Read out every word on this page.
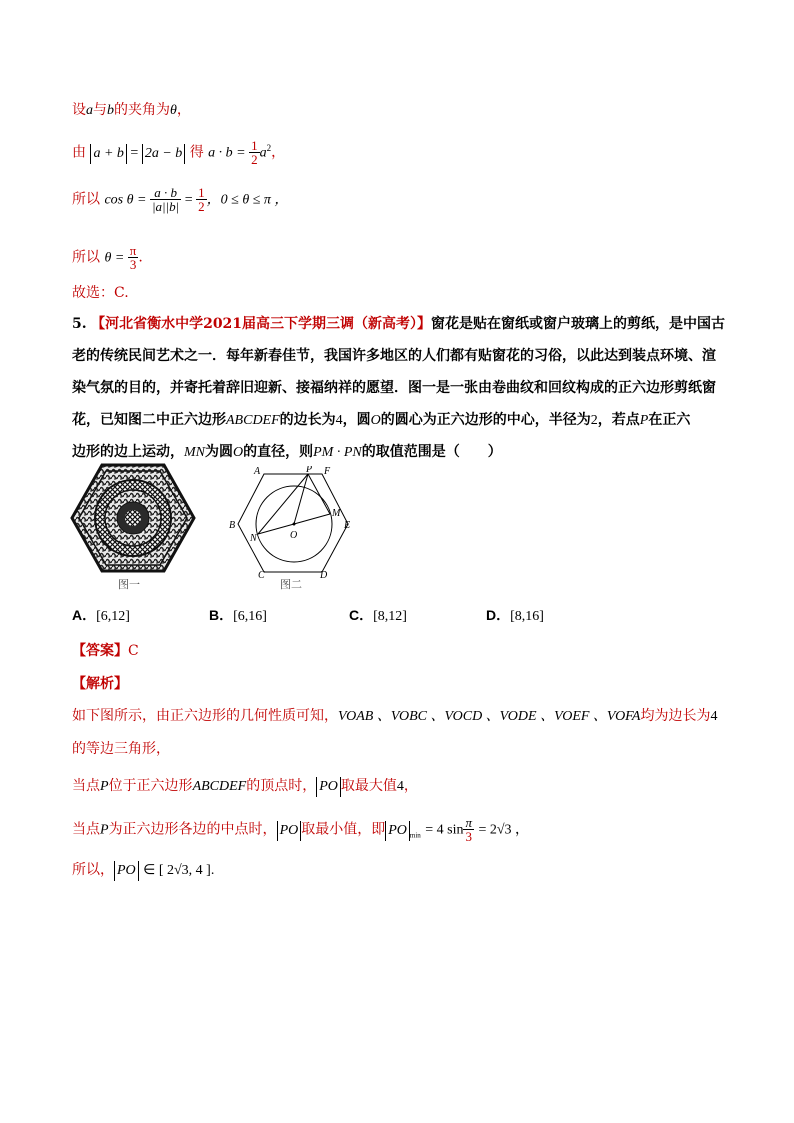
设a与b的夹角为θ，
由 a + b = 2a − b 得 $a \cdot b = \frac{1}{2} a^2$，
所以 $\cos \theta = \frac{a \cdot b}{|a||b|} = \frac{1}{2}$ ，0 ≤ θ ≤ π ，
所以 $\theta = \frac{\pi}{3}$ .
故选：C.
5. 【河北省衡水中学2021届高三下学期三调（新高考）】窗花是贴在窗纸或窗户玻璃上的剪纸，是中国古
老的传统民间艺术之一．每年新春佳节，我国许多地区的人们都有贴窗花的习俗，以此达到装点环境、渲
染气氛的目的，并寄托着辞旧迎新、接福纳祥的愿望．图一是一张由卷曲纹和回纹构成的正六边形剪纸窗
花，已知图二中正六边形ABCDEF的边长为4，圆O的圆心为正六边形的中心，半径为2，若点P在正六
边形的边上运动，MN为圆O的直径，则PM · PN的取值范围是（　　）
图一
A	P F
B	E
M
N	O
C	D
图二
A．[6,12]	B．[6,16]	C．[8,12]	D．[8,16]
【答案】C
【解析】
如下图所示，由正六边形的几何性质可知，VOAB 、VOBC 、VOCD 、VODE 、VOEF 、VOFA均为边长为4
的等边三角形，
当点P位于正六边形ABCDEF的顶点时， PO 取最大值4，
当点P为正六边形各边的中点时， PO 取最小值，即 PO $_{min}$ = 4 $\sin \frac{\pi}{3} = 2√3$ ，
所以， PO ∈ [ 2√3, 4 ].
